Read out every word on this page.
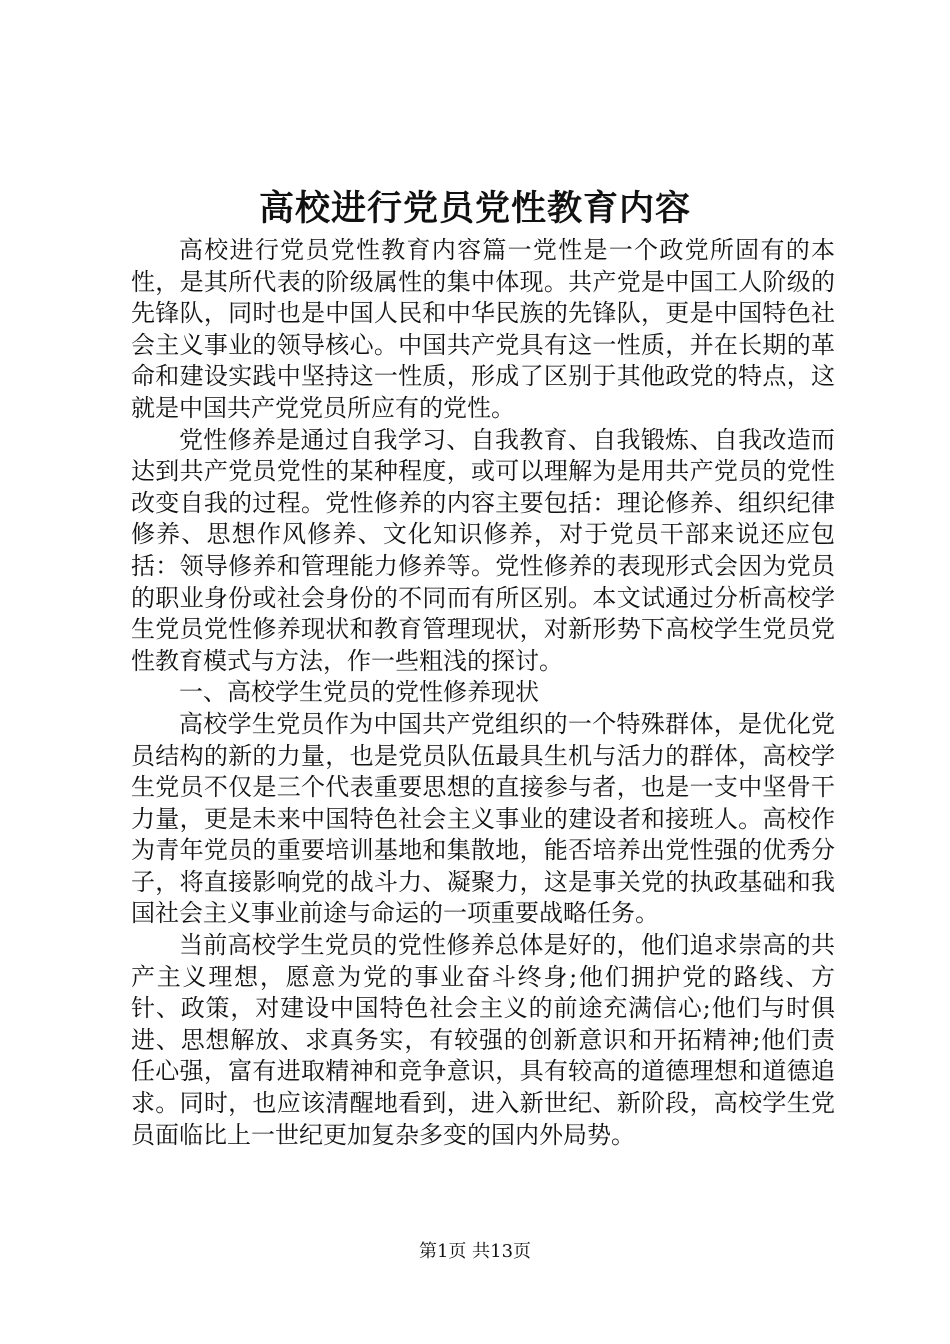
高校进行党员党性教育内容

高校进行党员党性教育内容篇一党性是一个政党所固有的本性，是其所代表的阶级属性的集中体现。共产党是中国工人阶级的先锋队，同时也是中国人民和中华民族的先锋队，更是中国特色社会主义事业的领导核心。中国共产党具有这一性质，并在长期的革命和建设实践中坚持这一性质，形成了区别于其他政党的特点，这就是中国共产党党员所应有的党性。

党性修养是通过自我学习、自我教育、自我锻炼、自我改造而达到共产党员党性的某种程度，或可以理解为是用共产党员的党性改变自我的过程。党性修养的内容主要包括：理论修养、组织纪律修养、思想作风修养、文化知识修养，对于党员干部来说还应包括：领导修养和管理能力修养等。党性修养的表现形式会因为党员的职业身份或社会身份的不同而有所区别。本文试通过分析高校学生党员党性修养现状和教育管理现状，对新形势下高校学生党员党性教育模式与方法，作一些粗浅的探讨。

一、高校学生党员的党性修养现状

高校学生党员作为中国共产党组织的一个特殊群体，是优化党员结构的新的力量，也是党员队伍最具生机与活力的群体，高校学生党员不仅是三个代表重要思想的直接参与者，也是一支中坚骨干力量，更是未来中国特色社会主义事业的建设者和接班人。高校作为青年党员的重要培训基地和集散地，能否培养出党性强的优秀分子，将直接影响党的战斗力、凝聚力，这是事关党的执政基础和我国社会主义事业前途与命运的一项重要战略任务。

当前高校学生党员的党性修养总体是好的，他们追求崇高的共产主义理想，愿意为党的事业奋斗终身;他们拥护党的路线、方针、政策，对建设中国特色社会主义的前途充满信心;他们与时俱进、思想解放、求真务实，有较强的创新意识和开拓精神;他们责任心强，富有进取精神和竞争意识，具有较高的道德理想和道德追求。同时，也应该清醒地看到，进入新世纪、新阶段，高校学生党员面临比上一世纪更加复杂多变的国内外局势。

第1页 共13页
